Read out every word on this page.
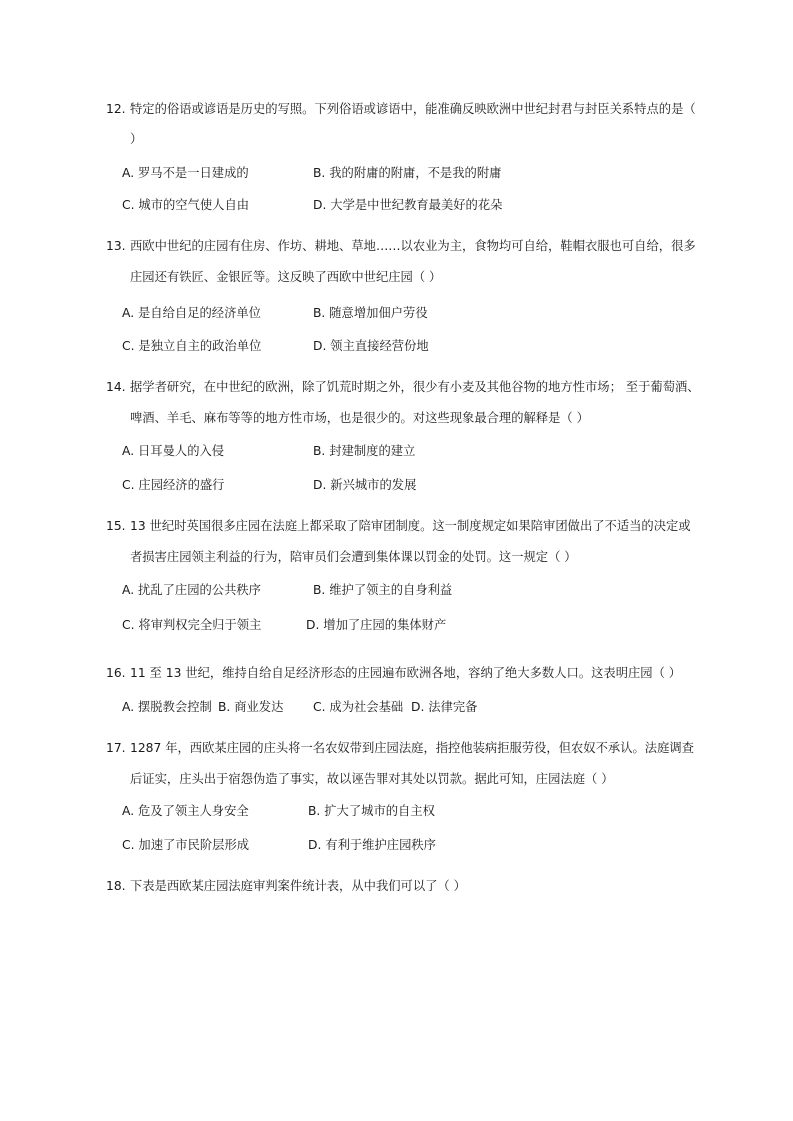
12. 特定的俗语或谚语是历史的写照。下列俗语或谚语中，能准确反映欧洲中世纪封君与封臣关系特点的是（
）
A. 罗马不是一日建成的	B. 我的附庸的附庸，不是我的附庸
C. 城市的空气使人自由	D. 大学是中世纪教育最美好的花朵
13. 西欧中世纪的庄园有住房、作坊、耕地、草地……以农业为主，食物均可自给，鞋帽衣服也可自给，很多
庄园还有铁匠、金银匠等。这反映了西欧中世纪庄园（ ）
A. 是自给自足的经济单位	B. 随意增加佃户劳役
C. 是独立自主的政治单位	D. 领主直接经营份地
14. 据学者研究，在中世纪的欧洲，除了饥荒时期之外，很少有小麦及其他谷物的地方性市场； 至于葡萄酒、
啤酒、羊毛、麻布等等的地方性市场，也是很少的。对这些现象最合理的解释是（ ）
A. 日耳曼人的入侵	B. 封建制度的建立
C. 庄园经济的盛行	D. 新兴城市的发展
15. 13 世纪时英国很多庄园在法庭上都采取了陪审团制度。这一制度规定如果陪审团做出了不适当的决定或
者损害庄园领主利益的行为，陪审员们会遭到集体课以罚金的处罚。这一规定（ ）
A. 扰乱了庄园的公共秩序	B. 维护了领主的自身利益
C. 将审判权完全归于领主	D. 增加了庄园的集体财产
16. 11 至 13 世纪，维持自给自足经济形态的庄园遍布欧洲各地，容纳了绝大多数人口。这表明庄园（ ）
A. 摆脱教会控制 B. 商业发达 C. 成为社会基础 D. 法律完备
17. 1287 年，西欧某庄园的庄头将一名农奴带到庄园法庭，指控他装病拒服劳役，但农奴不承认。法庭调查
后证实，庄头出于宿怨伪造了事实，故以诬告罪对其处以罚款。据此可知，庄园法庭（ ）
A. 危及了领主人身安全	B. 扩大了城市的自主权
C. 加速了市民阶层形成	D. 有利于维护庄园秩序
18. 下表是西欧某庄园法庭审判案件统计表，从中我们可以了（ ）
